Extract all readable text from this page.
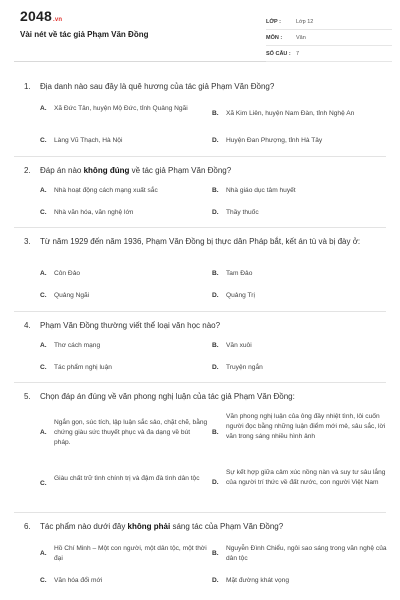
2048.vn
Vài nét về tác giả Phạm Văn Đồng
LỚP :	Lớp 12
MÔN :	Văn
SỐ CÂU : 7
1.	Địa danh nào sau đây là quê hương của tác giả Phạm Văn Đồng?
A.	Xã Đức Tân, huyện Mộ Đức, tỉnh Quảng Ngãi
B.	Xã Kim Liên, huyện Nam Đàn, tỉnh Nghệ An
C.	Làng Vũ Thạch, Hà Nội	D.	Huyện Đan Phượng, tỉnh Hà Tây
2.	Đáp án nào không đúng về tác giả Phạm Văn Đồng?
A.	Nhà hoạt động cách mạng xuất sắc	B.	Nhà giáo dục tâm huyết
C.	Nhà văn hóa, văn nghệ lớn	D.	Thầy thuốc
3.	Từ năm 1929 đến năm 1936, Phạm Văn Đồng bị thực dân Pháp bắt, kết án tù và bị đày ở:
A.	Côn Đảo	B.	Tam Đảo
C.	Quảng Ngãi	D.	Quảng Trị
4.	Phạm Văn Đồng thường viết thể loại văn học nào?
A.	Thơ cách mạng	B.	Văn xuôi
C.	Tác phẩm nghị luận	D.	Truyện ngắn
5.	Chọn đáp án đúng về văn phong nghị luận của tác giả Phạm Văn Đồng:
A.
Ngắn gọn, súc tích, lập luận sắc sảo, chặt chẽ, bằng chứng giàu sức thuyết phục và đa dạng về bút pháp.
B.
Văn phong nghị luận của ông đầy nhiệt tình, lôi cuốn người đọc bằng những luận điểm mới mẻ, sâu sắc, lời văn trong sáng nhiều hình ảnh
C.
Giàu chất trữ tình chính trị và đậm đà tình dân tộc
D.
Sự kết hợp giữa cảm xúc nồng nàn và suy tư sâu lắng của người trí thức về đất nước, con người Việt Nam
6.	Tác phẩm nào dưới đây không phải sáng tác của Phạm Văn Đồng?
A.
Hồ Chí Minh – Một con người, một dân tộc, một thời đại
B.
Nguyễn Đình Chiểu, ngôi sao sáng trong văn nghệ của dân tộc
C.	Văn hóa đổi mới	D.	Mặt đường khát vọng
